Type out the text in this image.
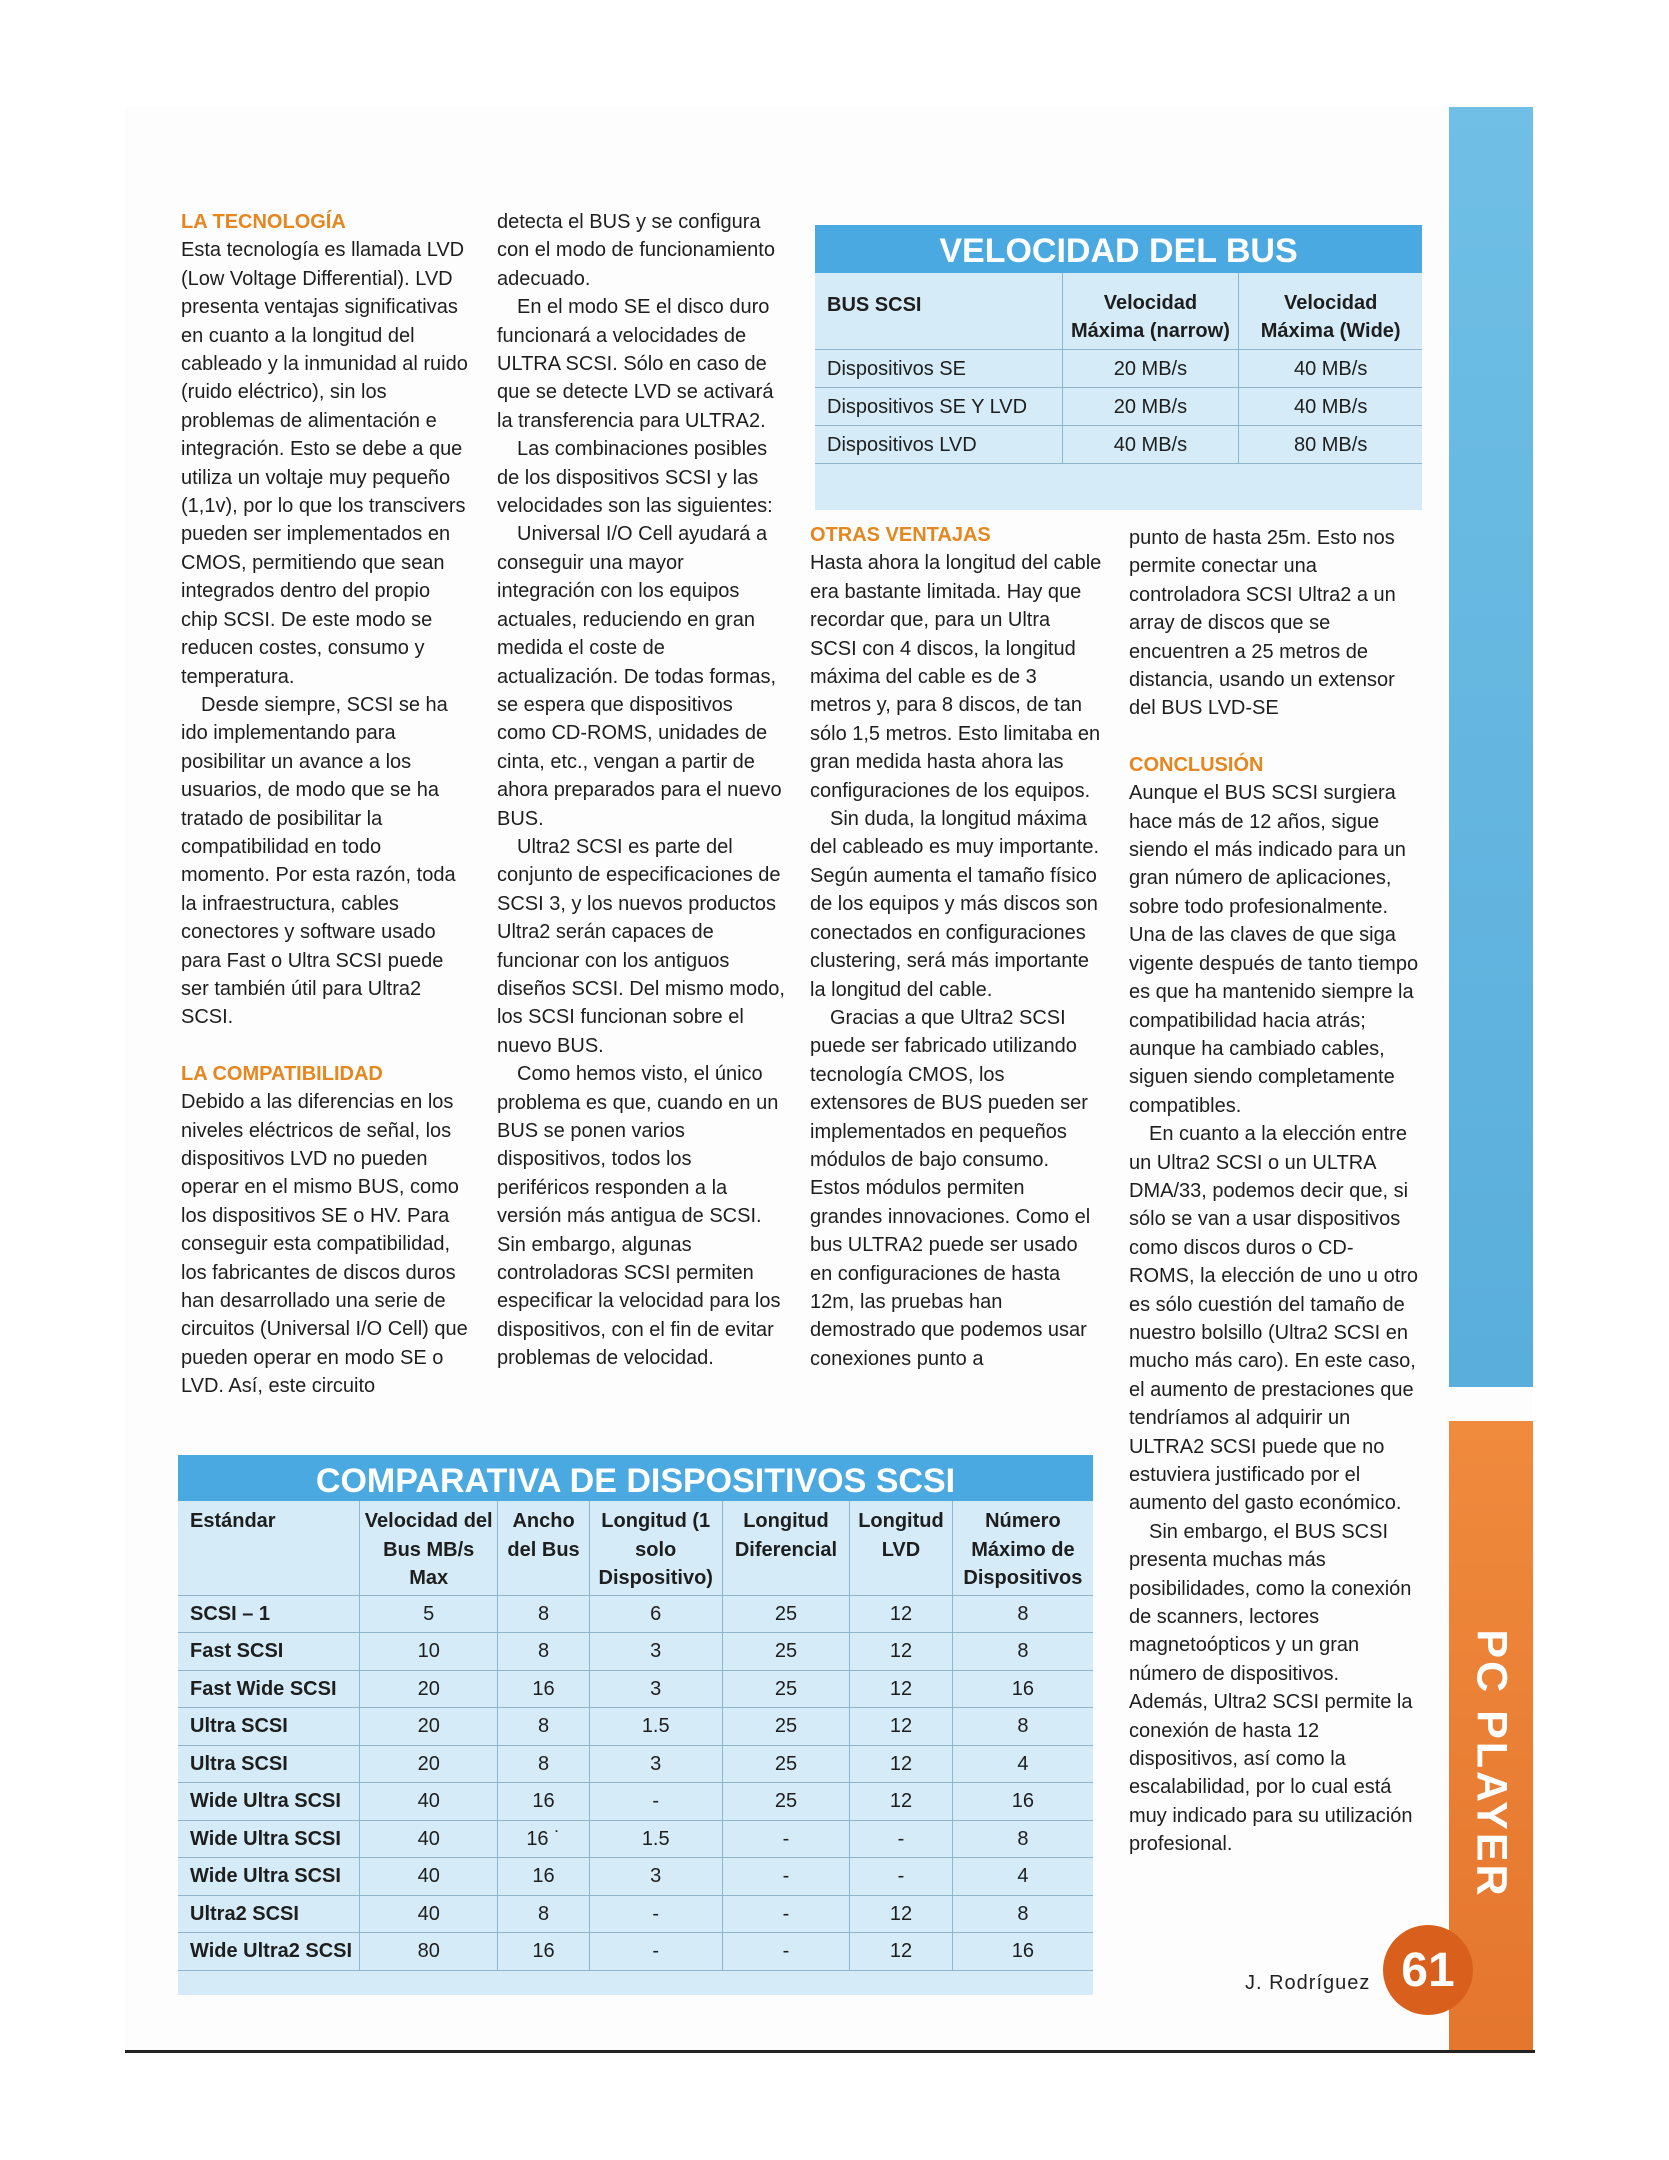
PC PLAYER
61
J. Rodríguez
LA TECNOLOGÍA

Esta tecnología es llamada LVD (Low Voltage Differential). LVD presenta ventajas significativas en cuanto a la longitud del cableado y la inmunidad al ruido (ruido eléctrico), sin los problemas de alimentación e integración. Esto se debe a que utiliza un voltaje muy pequeño (1,1v), por lo que los transcivers pueden ser implementados en CMOS, permitiendo que sean integrados dentro del propio chip SCSI. De este modo se reducen costes, consumo y temperatura.

Desde siempre, SCSI se ha ido implementando para posibilitar un avance a los usuarios, de modo que se ha tratado de posibilitar la compatibilidad en todo momento. Por esta razón, toda la infraestructura, cables conectores y software usado para Fast o Ultra SCSI puede ser también útil para Ultra2 SCSI.

LA COMPATIBILIDAD

Debido a las diferencias en los niveles eléctricos de señal, los dispositivos LVD no pueden operar en el mismo BUS, como los dispositivos SE o HV. Para conseguir esta compatibilidad, los fabricantes de discos duros han desarrollado una serie de circuitos (Universal I/O Cell) que pueden operar en modo SE o LVD. Así, este circuito

detecta el BUS y se configura con el modo de funcionamiento adecuado.

En el modo SE el disco duro funcionará a velocidades de ULTRA SCSI. Sólo en caso de que se detecte LVD se activará la transferencia para ULTRA2.

Las combinaciones posibles de los dispositivos SCSI y las velocidades son las siguientes:

Universal I/O Cell ayudará a conseguir una mayor integración con los equipos actuales, reduciendo en gran medida el coste de actualización. De todas formas, se espera que dispositivos como CD-ROMS, unidades de cinta, etc., vengan a partir de ahora preparados para el nuevo BUS.

Ultra2 SCSI es parte del conjunto de especificaciones de SCSI 3, y los nuevos productos Ultra2 serán capaces de funcionar con los antiguos diseños SCSI. Del mismo modo, los SCSI funcionan sobre el nuevo BUS.

Como hemos visto, el único problema es que, cuando en un BUS se ponen varios dispositivos, todos los periféricos responden a la versión más antigua de SCSI. Sin embargo, algunas controladoras SCSI permiten especificar la velocidad para los dispositivos, con el fin de evitar problemas de velocidad.

OTRAS VENTAJAS

Hasta ahora la longitud del cable era bastante limitada. Hay que recordar que, para un Ultra SCSI con 4 discos, la longitud máxima del cable es de 3 metros y, para 8 discos, de tan sólo 1,5 metros. Esto limitaba en gran medida hasta ahora las configuraciones de los equipos.

Sin duda, la longitud máxima del cableado es muy importante. Según aumenta el tamaño físico de los equipos y más discos son conectados en configuraciones clustering, será más importante la longitud del cable.

Gracias a que Ultra2 SCSI puede ser fabricado utilizando tecnología CMOS, los extensores de BUS pueden ser implementados en pequeños módulos de bajo consumo. Estos módulos permiten grandes innovaciones. Como el bus ULTRA2 puede ser usado en configuraciones de hasta 12m, las pruebas han demostrado que podemos usar conexiones punto a

punto de hasta 25m. Esto nos permite conectar una controladora SCSI Ultra2 a un array de discos que se encuentren a 25 metros de distancia, usando un extensor del BUS LVD-SE

CONCLUSIÓN

Aunque el BUS SCSI surgiera hace más de 12 años, sigue siendo el más indicado para un gran número de aplicaciones, sobre todo profesionalmente. Una de las claves de que siga vigente después de tanto tiempo es que ha mantenido siempre la compatibilidad hacia atrás; aunque ha cambiado cables, siguen siendo completamente compatibles.

En cuanto a la elección entre un Ultra2 SCSI o un ULTRA DMA/33, podemos decir que, si sólo se van a usar dispositivos como discos duros o CD-ROMS, la elección de uno u otro es sólo cuestión del tamaño de nuestro bolsillo (Ultra2 SCSI en mucho más caro). En este caso, el aumento de prestaciones que tendríamos al adquirir un ULTRA2 SCSI puede que no estuviera justificado por el aumento del gasto económico.

Sin embargo, el BUS SCSI presenta muchas más posibilidades, como la conexión de scanners, lectores magnetoópticos y un gran número de dispositivos. Además, Ultra2 SCSI permite la conexión de hasta 12 dispositivos, así como la escalabilidad, por lo cual está muy indicado para su utilización profesional.

VELOCIDAD DEL BUS
BUS SCSI	Velocidad Máxima (narrow)	Velocidad Máxima (Wide)
Dispositivos SE	20 MB/s	40 MB/s
Dispositivos SE Y LVD	20 MB/s	40 MB/s
Dispositivos LVD	40 MB/s	80 MB/s
COMPARATIVA DE DISPOSITIVOS SCSI
Estándar	Velocidad del Bus MB/s Max	Ancho del Bus	Longitud (1 solo Dispositivo)	Longitud Diferencial	Longitud LVD	Número Máximo de Dispositivos
SCSI – 1	5	8	6	25	12	8
Fast SCSI	10	8	3	25	12	8
Fast Wide SCSI	20	16	3	25	12	16
Ultra SCSI	20	8	1.5	25	12	8
Ultra SCSI	20	8	3	25	12	4
Wide Ultra SCSI	40	16	-	25	12	16
Wide Ultra SCSI	40	16 ˙	1.5	-	-	8
Wide Ultra SCSI	40	16	3	-	-	4
Ultra2 SCSI	40	8	-	-	12	8
Wide Ultra2 SCSI	80	16	-	-	12	16
